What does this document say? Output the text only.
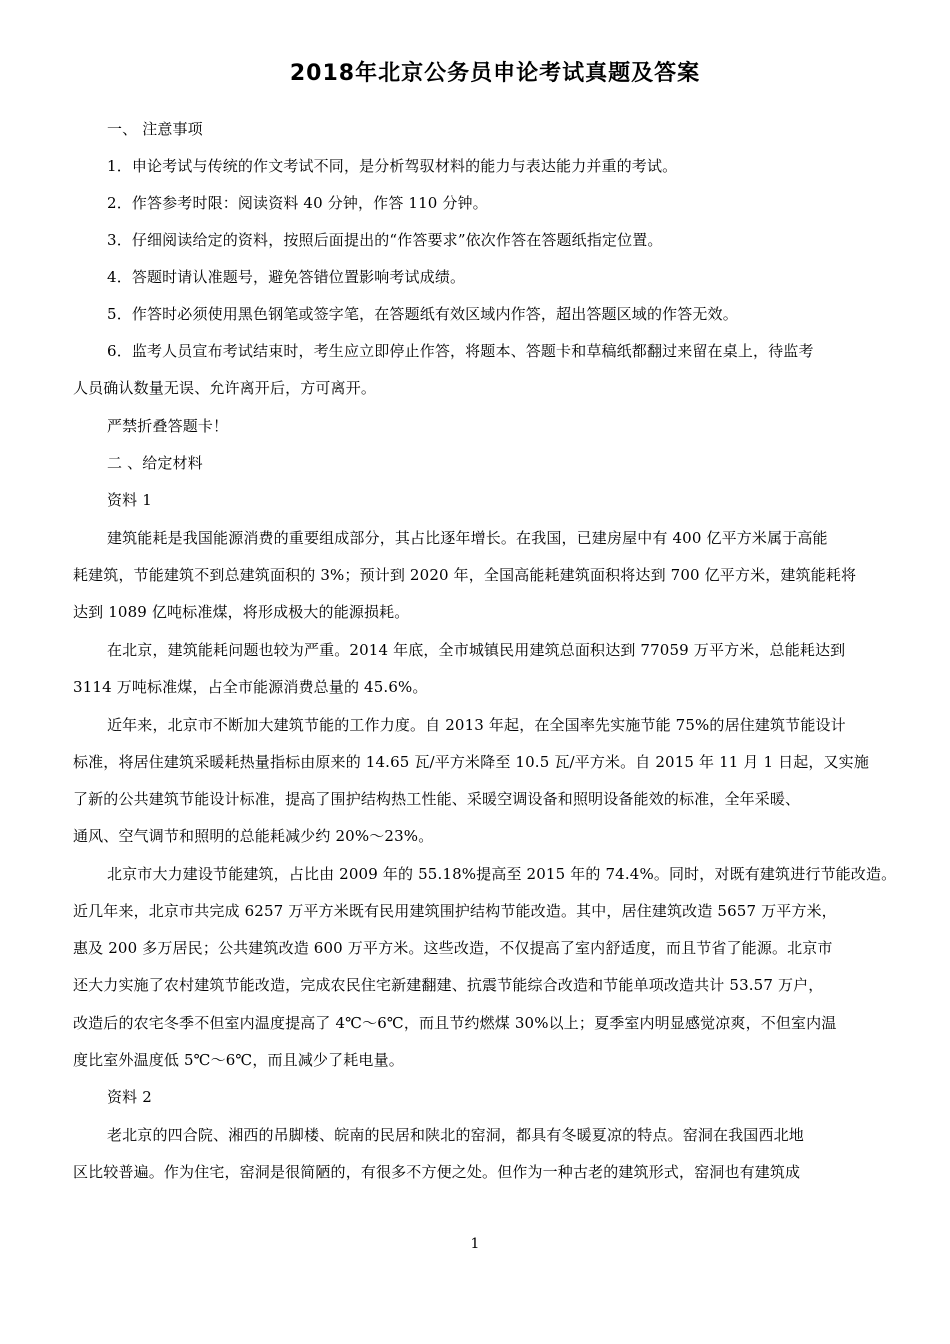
2018年北京公务员申论考试真题及答案
一、 注意事项
1．申论考试与传统的作文考试不同，是分析驾驭材料的能力与表达能力并重的考试。
2．作答参考时限：阅读资料 40 分钟，作答 110 分钟。
3．仔细阅读给定的资料，按照后面提出的“作答要求”依次作答在答题纸指定位置。
4．答题时请认准题号，避免答错位置影响考试成绩。
5．作答时必须使用黑色钢笔或签字笔，在答题纸有效区域内作答，超出答题区域的作答无效。
6．监考人员宣布考试结束时，考生应立即停止作答，将题本、答题卡和草稿纸都翻过来留在桌上，待监考
人员确认数量无误、允许离开后，方可离开。
严禁折叠答题卡！
二 、给定材料
资料 1
建筑能耗是我国能源消费的重要组成部分，其占比逐年增长。在我国，已建房屋中有 400 亿平方米属于高能
耗建筑，节能建筑不到总建筑面积的 3%；预计到 2020 年，全国高能耗建筑面积将达到 700 亿平方米，建筑能耗将
达到 1089 亿吨标准煤，将形成极大的能源损耗。
在北京，建筑能耗问题也较为严重。2014 年底，全市城镇民用建筑总面积达到 77059 万平方米，总能耗达到
3114 万吨标准煤，占全市能源消费总量的 45.6%。
近年来，北京市不断加大建筑节能的工作力度。自 2013 年起，在全国率先实施节能 75%的居住建筑节能设计
标准，将居住建筑采暖耗热量指标由原来的 14.65 瓦/平方米降至 10.5 瓦/平方米。自 2015 年 11 月 1 日起，又实施
了新的公共建筑节能设计标准，提高了围护结构热工性能、采暖空调设备和照明设备能效的标准，全年采暖、
通风、空气调节和照明的总能耗减少约 20%～23%。
北京市大力建设节能建筑，占比由 2009 年的 55.18%提高至 2015 年的 74.4%。同时，对既有建筑进行节能改造。
近几年来，北京市共完成 6257 万平方米既有民用建筑围护结构节能改造。其中，居住建筑改造 5657 万平方米，
惠及 200 多万居民；公共建筑改造 600 万平方米。这些改造，不仅提高了室内舒适度，而且节省了能源。北京市
还大力实施了农村建筑节能改造，完成农民住宅新建翻建、抗震节能综合改造和节能单项改造共计 53.57 万户，
改造后的农宅冬季不但室内温度提高了 4℃～6℃，而且节约燃煤 30%以上；夏季室内明显感觉凉爽，不但室内温
度比室外温度低 5℃～6℃，而且减少了耗电量。
资料 2
老北京的四合院、湘西的吊脚楼、皖南的民居和陕北的窑洞，都具有冬暖夏凉的特点。窑洞在我国西北地
区比较普遍。作为住宅，窑洞是很简陋的，有很多不方便之处。但作为一种古老的建筑形式，窑洞也有建筑成
1
